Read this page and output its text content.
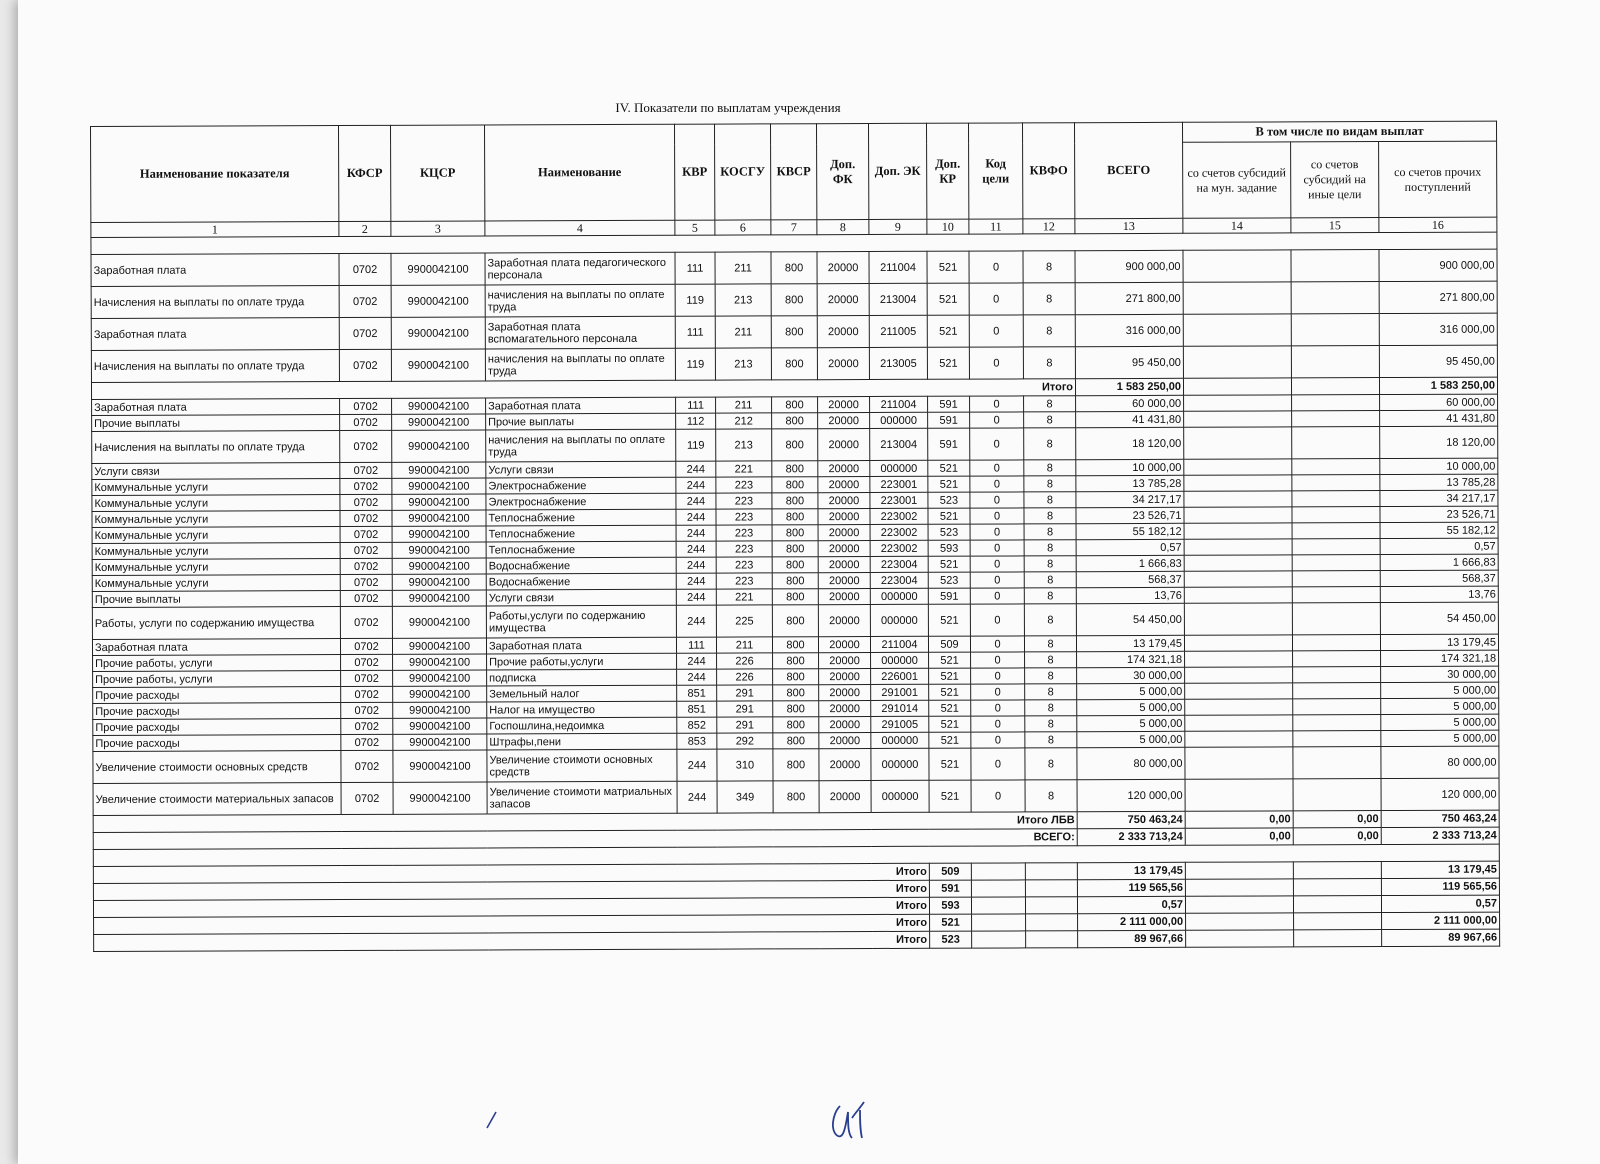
IV. Показатели по выплатам учреждения
Наименование показателя	КФСР	КЦСР	Наименование	КВР	КОСГУ	КВСР	Доп. ФК	Доп. ЭК	Доп. КР	Код цели	КВФО	ВСЕГО	В том числе по видам выплат		
													со счетов субсидий на мун. задание	со счетов субсидий на иные цели	со счетов прочих поступлений
1	2	3	4	5	6	7	8	9	10	11	12	13	14	15	16

Заработная плата	0702	9900042100	Заработная плата педагогического персонала	111	211	800	20000	211004	521	0	8	900 000,00			900 000,00
Начисления на выплаты по оплате труда	0702	9900042100	начисления на выплаты по оплате труда	119	213	800	20000	213004	521	0	8	271 800,00			271 800,00
Заработная плата	0702	9900042100	Заработная плата вспомагательного персонала	111	211	800	20000	211005	521	0	8	316 000,00			316 000,00
Начисления на выплаты по оплате труда	0702	9900042100	начисления на выплаты по оплате труда	119	213	800	20000	213005	521	0	8	95 450,00			95 450,00
Итого												1 583 250,00			1 583 250,00
Заработная плата	0702	9900042100	Заработная плата	111	211	800	20000	211004	591	0	8	60 000,00			60 000,00
Прочие выплаты	0702	9900042100	Прочие выплаты	112	212	800	20000	000000	591	0	8	41 431,80			41 431,80
Начисления на выплаты по оплате труда	0702	9900042100	начисления на выплаты по оплате труда	119	213	800	20000	213004	591	0	8	18 120,00			18 120,00
Услуги связи	0702	9900042100	Услуги связи	244	221	800	20000	000000	521	0	8	10 000,00			10 000,00
Коммунальные услуги	0702	9900042100	Электроснабжение	244	223	800	20000	223001	521	0	8	13 785,28			13 785,28
Коммунальные услуги	0702	9900042100	Электроснабжение	244	223	800	20000	223001	523	0	8	34 217,17			34 217,17
Коммунальные услуги	0702	9900042100	Теплоснабжение	244	223	800	20000	223002	521	0	8	23 526,71			23 526,71
Коммунальные услуги	0702	9900042100	Теплоснабжение	244	223	800	20000	223002	523	0	8	55 182,12			55 182,12
Коммунальные услуги	0702	9900042100	Теплоснабжение	244	223	800	20000	223002	593	0	8	0,57			0,57
Коммунальные услуги	0702	9900042100	Водоснабжение	244	223	800	20000	223004	521	0	8	1 666,83			1 666,83
Коммунальные услуги	0702	9900042100	Водоснабжение	244	223	800	20000	223004	523	0	8	568,37			568,37
Прочие выплаты	0702	9900042100	Услуги связи	244	221	800	20000	000000	591	0	8	13,76			13,76
Работы, услуги по содержанию имущества	0702	9900042100	Работы,услуги по содержанию имущества	244	225	800	20000	000000	521	0	8	54 450,00			54 450,00
Заработная плата	0702	9900042100	Заработная плата	111	211	800	20000	211004	509	0	8	13 179,45			13 179,45
Прочие работы, услуги	0702	9900042100	Прочие работы,услуги	244	226	800	20000	000000	521	0	8	174 321,18			174 321,18
Прочие работы, услуги	0702	9900042100	подписка	244	226	800	20000	226001	521	0	8	30 000,00			30 000,00
Прочие расходы	0702	9900042100	Земельный налог	851	291	800	20000	291001	521	0	8	5 000,00			5 000,00
Прочие расходы	0702	9900042100	Налог на имущество	851	291	800	20000	291014	521	0	8	5 000,00			5 000,00
Прочие расходы	0702	9900042100	Госпошлина,недоимка	852	291	800	20000	291005	521	0	8	5 000,00			5 000,00
Прочие расходы	0702	9900042100	Штрафы,пени	853	292	800	20000	000000	521	0	8	5 000,00			5 000,00
Увеличение стоимости основных средств	0702	9900042100	Увеличение стоимоти основных средств	244	310	800	20000	000000	521	0	8	80 000,00			80 000,00
Увеличение стоимости материальных запасов	0702	9900042100	Увеличение стоимоти матриальных запасов	244	349	800	20000	000000	521	0	8	120 000,00			120 000,00
Итого ЛБВ												750 463,24	0,00	0,00	750 463,24
ВСЕГО:												2 333 713,24	0,00	0,00	2 333 713,24

Итого									509			13 179,45			13 179,45
Итого									591			119 565,56			119 565,56
Итого									593			0,57			0,57
Итого									521			2 111 000,00			2 111 000,00
Итого									523			89 967,66			89 967,66
